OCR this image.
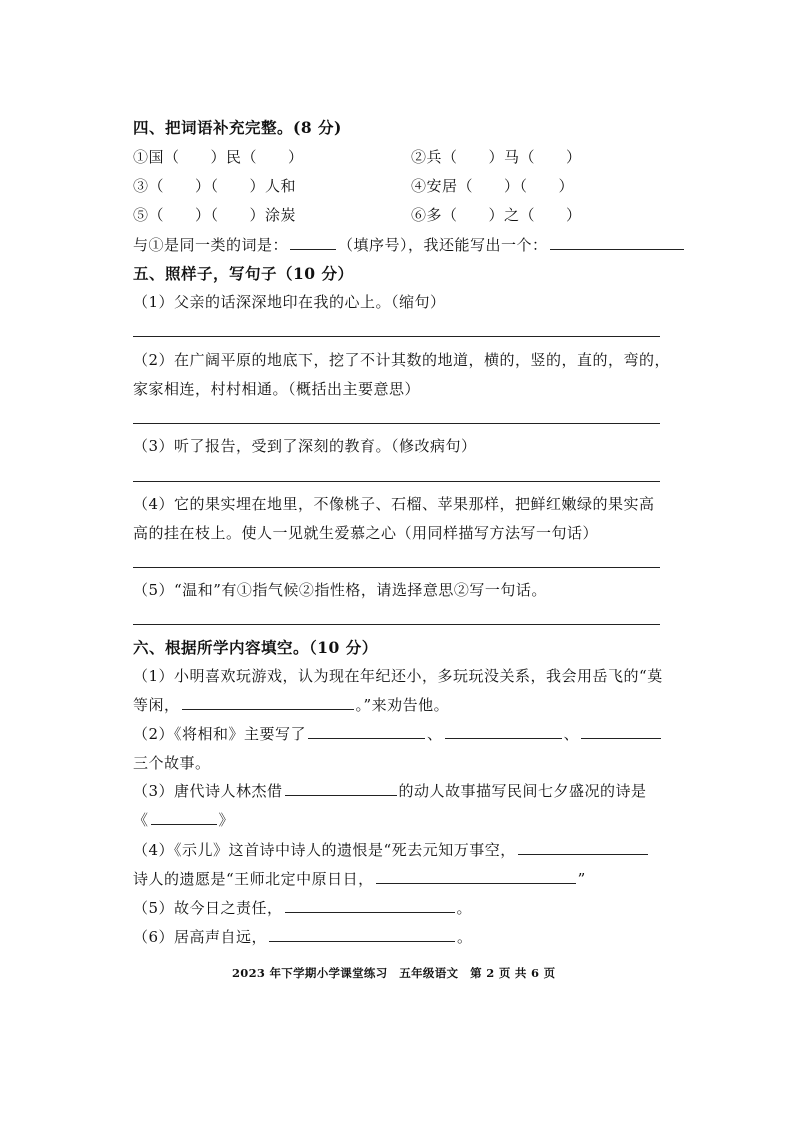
四、把词语补充完整。(8 分)
①国（　　）民（　　）	②兵（　　）马（　　）
③（　　）（　　）人和	④安居（　　）（　　）
⑤（　　）（　　）涂炭	⑥多（　　）之（　　）
与①是同一类的词是：	（填序号），我还能写出一个：
五、照样子，写句子（10 分）
（1）父亲的话深深地印在我的心上。（缩句）
（2）在广阔平原的地底下，挖了不计其数的地道，横的，竖的，直的，弯的，
家家相连，村村相通。（概括出主要意思）
（3）听了报告，受到了深刻的教育。（修改病句）
（4）它的果实埋在地里，不像桃子、石榴、苹果那样，把鲜红嫩绿的果实高
高的挂在枝上。使人一见就生爱慕之心（用同样描写方法写一句话）
（5）“温和”有①指气候②指性格，请选择意思②写一句话。
六、根据所学内容填空。（10 分）
（1）小明喜欢玩游戏，认为现在年纪还小，多玩玩没关系，我会用岳飞的“莫
等闲，	。”来劝告他。
（2）《将相和》主要写了	、	、
三个故事。
（3）唐代诗人林杰借	的动人故事描写民间七夕盛况的诗是
《	》
（4）《示儿》这首诗中诗人的遗恨是“死去元知万事空，
诗人的遗愿是“王师北定中原日日，	”
（5）故今日之责任，	。
（6）居高声自远，	。
2023 年下学期小学课堂练习　五年级语文　第 2 页 共 6 页
